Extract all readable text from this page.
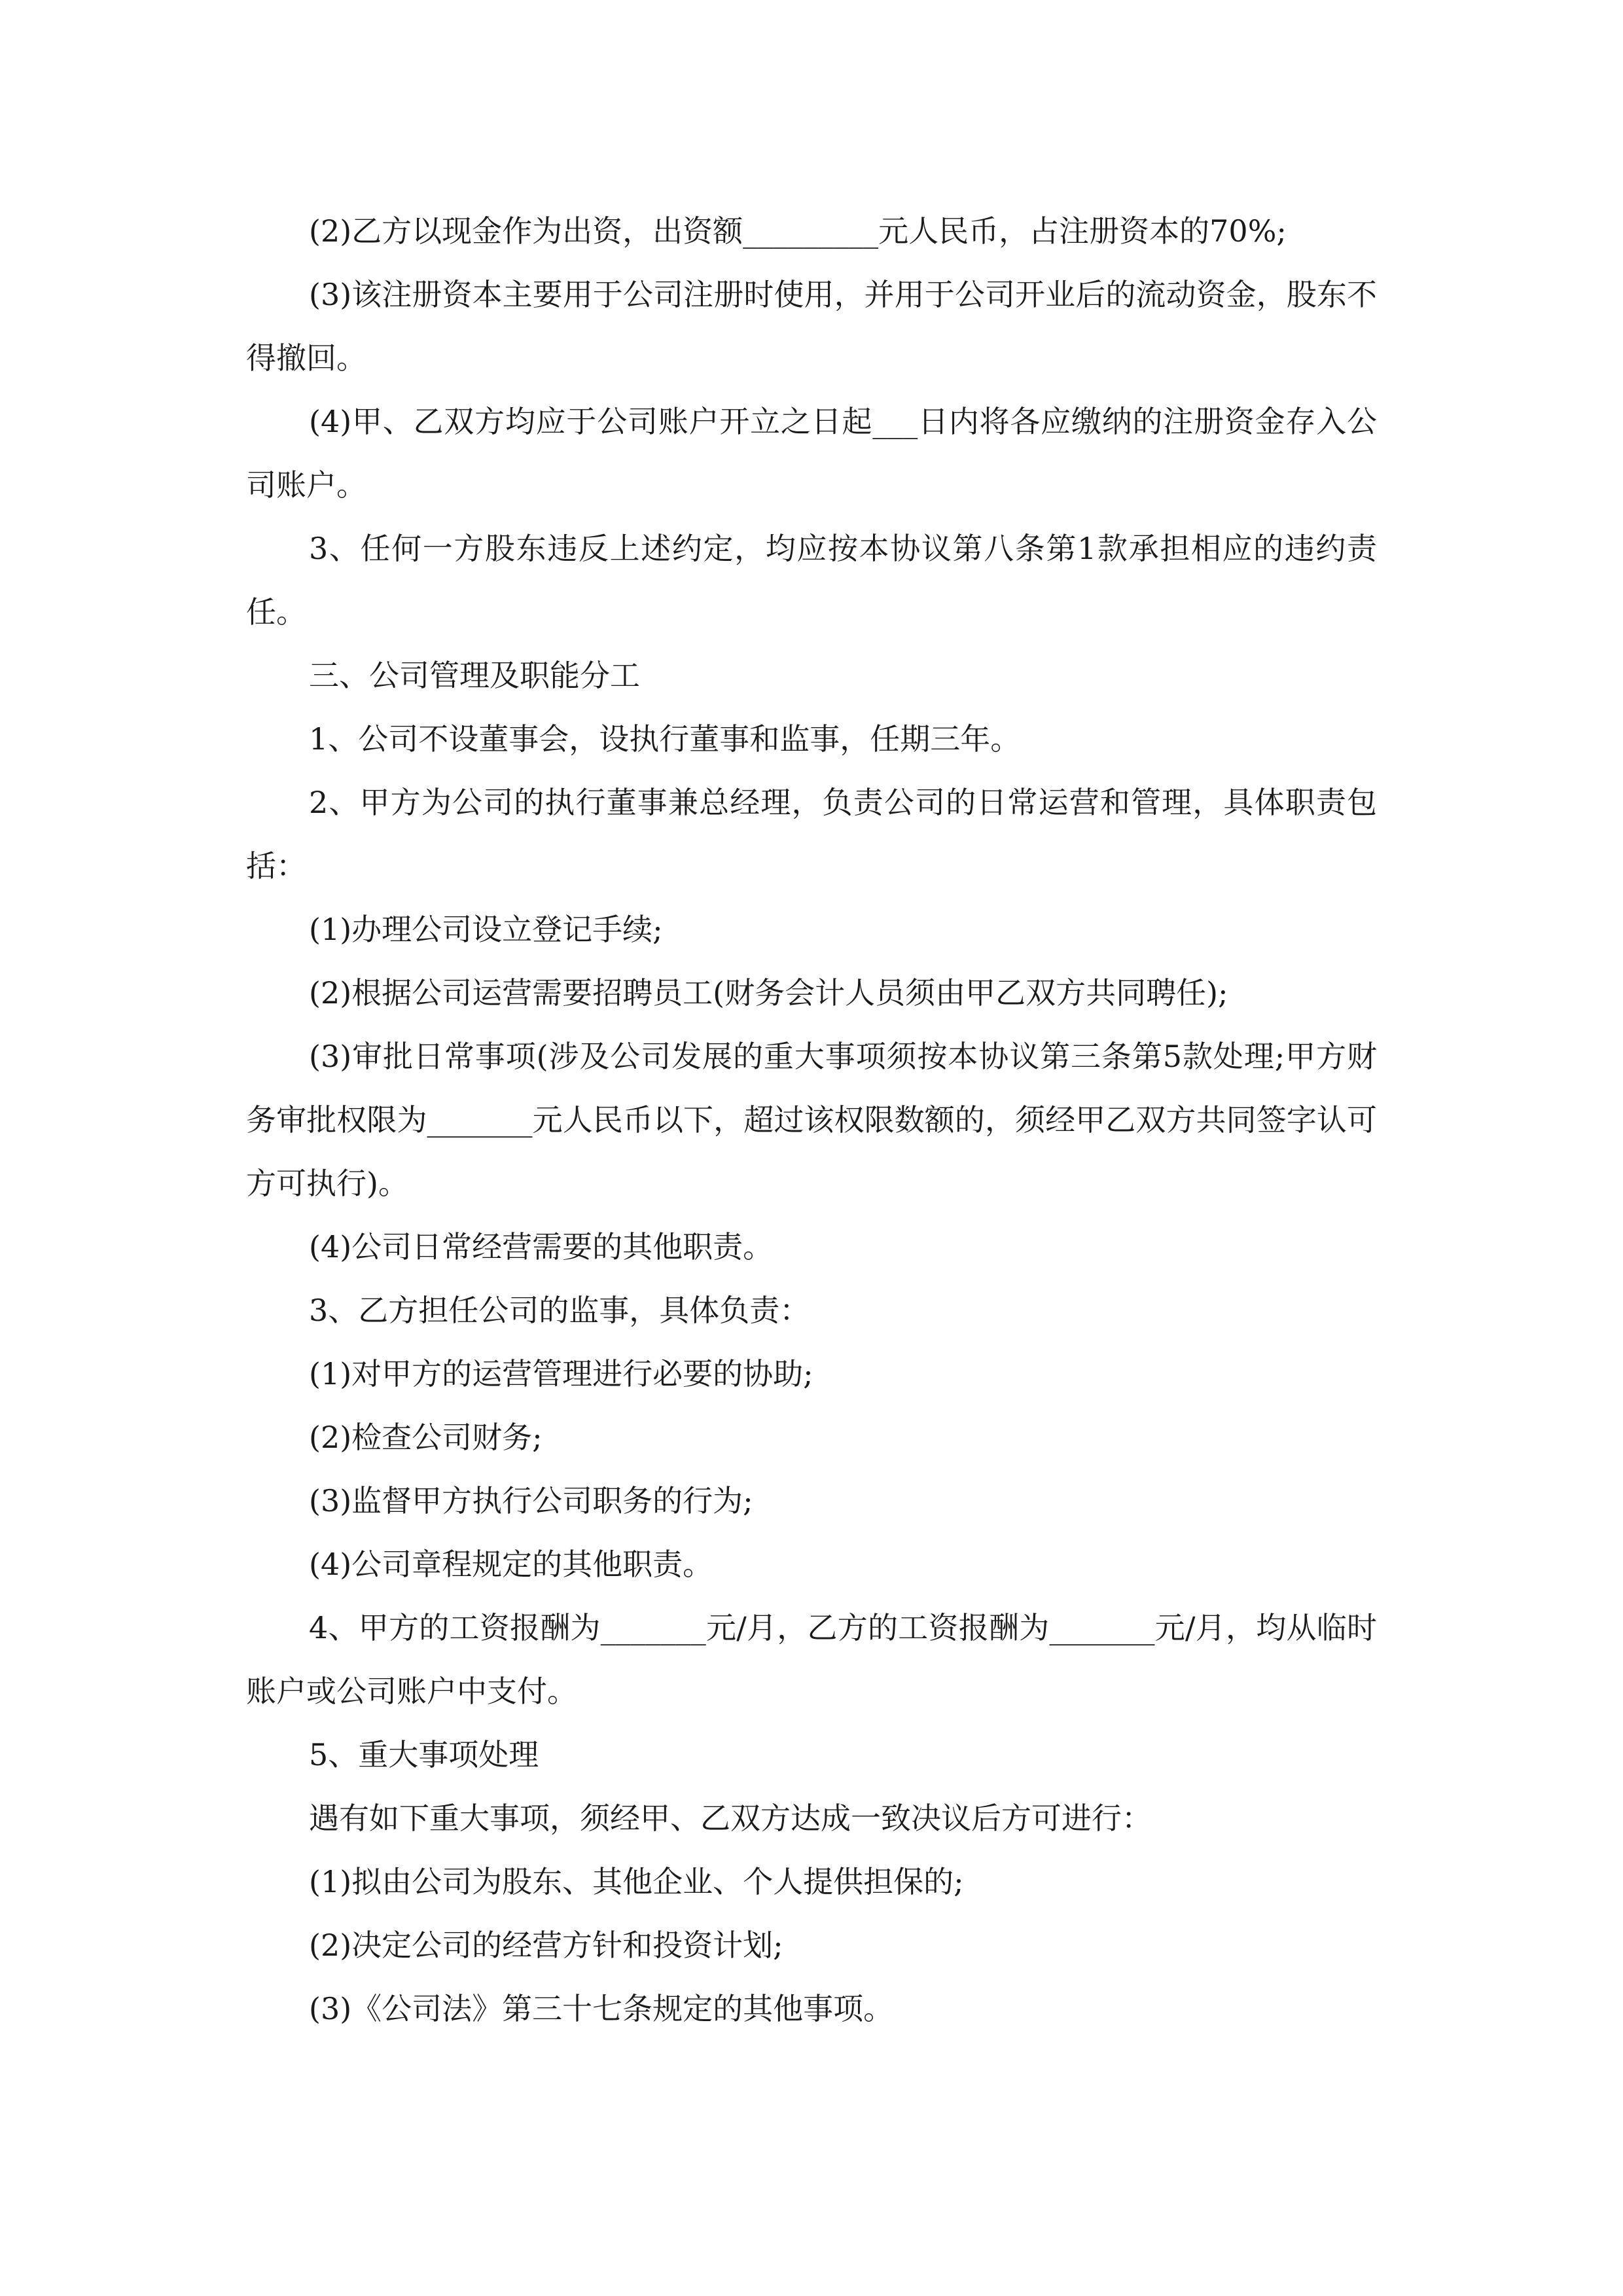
(2)乙方以现金作为出资，出资额_________元人民币，占注册资本的70%;

(3)该注册资本主要用于公司注册时使用，并用于公司开业后的流动资金，股东不得撤回。

(4)甲、乙双方均应于公司账户开立之日起___日内将各应缴纳的注册资金存入公司账户。

3、任何一方股东违反上述约定，均应按本协议第八条第1款承担相应的违约责任。

三、公司管理及职能分工

1、公司不设董事会，设执行董事和监事，任期三年。

2、甲方为公司的执行董事兼总经理，负责公司的日常运营和管理，具体职责包括：

(1)办理公司设立登记手续;

(2)根据公司运营需要招聘员工(财务会计人员须由甲乙双方共同聘任);

(3)审批日常事项(涉及公司发展的重大事项须按本协议第三条第5款处理;甲方财务审批权限为_______元人民币以下，超过该权限数额的，须经甲乙双方共同签字认可方可执行)。

(4)公司日常经营需要的其他职责。

3、乙方担任公司的监事，具体负责：

(1)对甲方的运营管理进行必要的协助;

(2)检查公司财务;

(3)监督甲方执行公司职务的行为;

(4)公司章程规定的其他职责。

4、甲方的工资报酬为_______元/月，乙方的工资报酬为_______元/月，均从临时账户或公司账户中支付。

5、重大事项处理

遇有如下重大事项，须经甲、乙双方达成一致决议后方可进行：

(1)拟由公司为股东、其他企业、个人提供担保的;

(2)决定公司的经营方针和投资计划;

(3)《公司法》第三十七条规定的其他事项。
